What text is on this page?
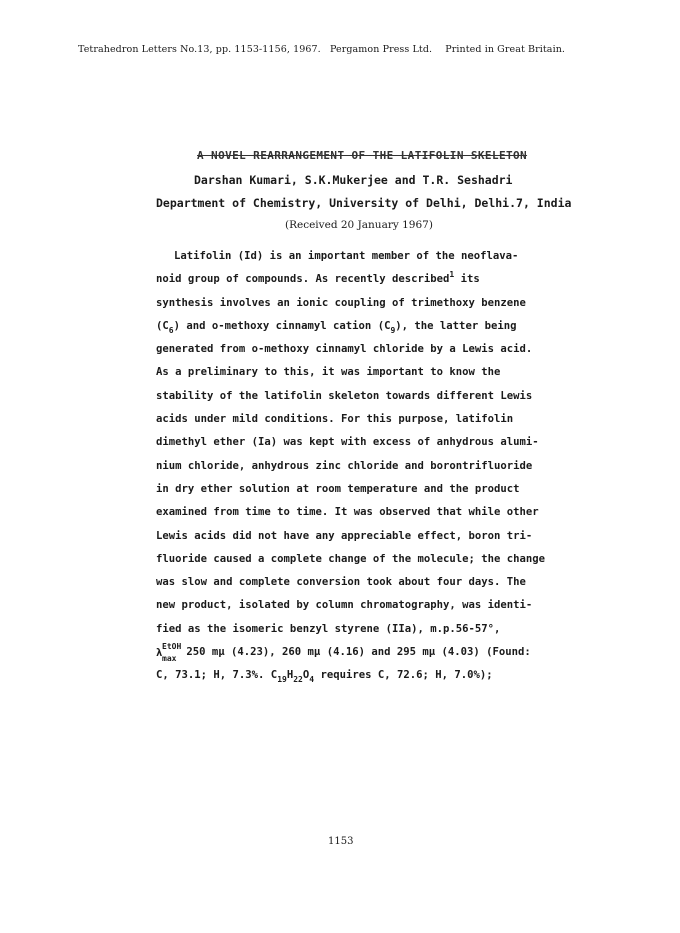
Tetrahedron Letters No.13, pp. 1153-1156, 1967. Pergamon Press Ltd. Printed in Great Britain.
A NOVEL REARRANGEMENT OF THE LATIFOLIN SKELETON
Darshan Kumari, S.K.Mukerjee and T.R. Seshadri
Department of Chemistry, University of Delhi, Delhi.7, India
(Received 20 January 1967)
Latifolin (Id) is an important member of the neoflava-
noid group of compounds. As recently described$^1$ its
synthesis involves an ionic coupling of trimethoxy benzene
$(C_6)$ and o-methoxy cinnamyl cation $(C_9)$, the latter being
generated from o-methoxy cinnamyl chloride by a Lewis acid.
As a preliminary to this, it was important to know the
stability of the latifolin skeleton towards different Lewis
acids under mild conditions. For this purpose, latifolin
dimethyl ether (Ia) was kept with excess of anhydrous alumi-
nium chloride, anhydrous zinc chloride and borontrifluoride
in dry ether solution at room temperature and the product
examined from time to time. It was observed that while other
Lewis acids did not have any appreciable effect, boron tri-
fluoride caused a complete change of the molecule; the change
was slow and complete conversion took about four days. The
new product, isolated by column chromatography, was identi-
fied as the isomeric benzyl styrene (IIa), m.p.56-57°,
λ
EtOH
max
250 mμ (4.23), 260 mμ (4.16) and 295 mμ (4.03) (Found:
C, 73.1; H, 7.3%. $C_{19}H_{22}O_4$ requires C, 72.6; H, 7.0%);
1153
